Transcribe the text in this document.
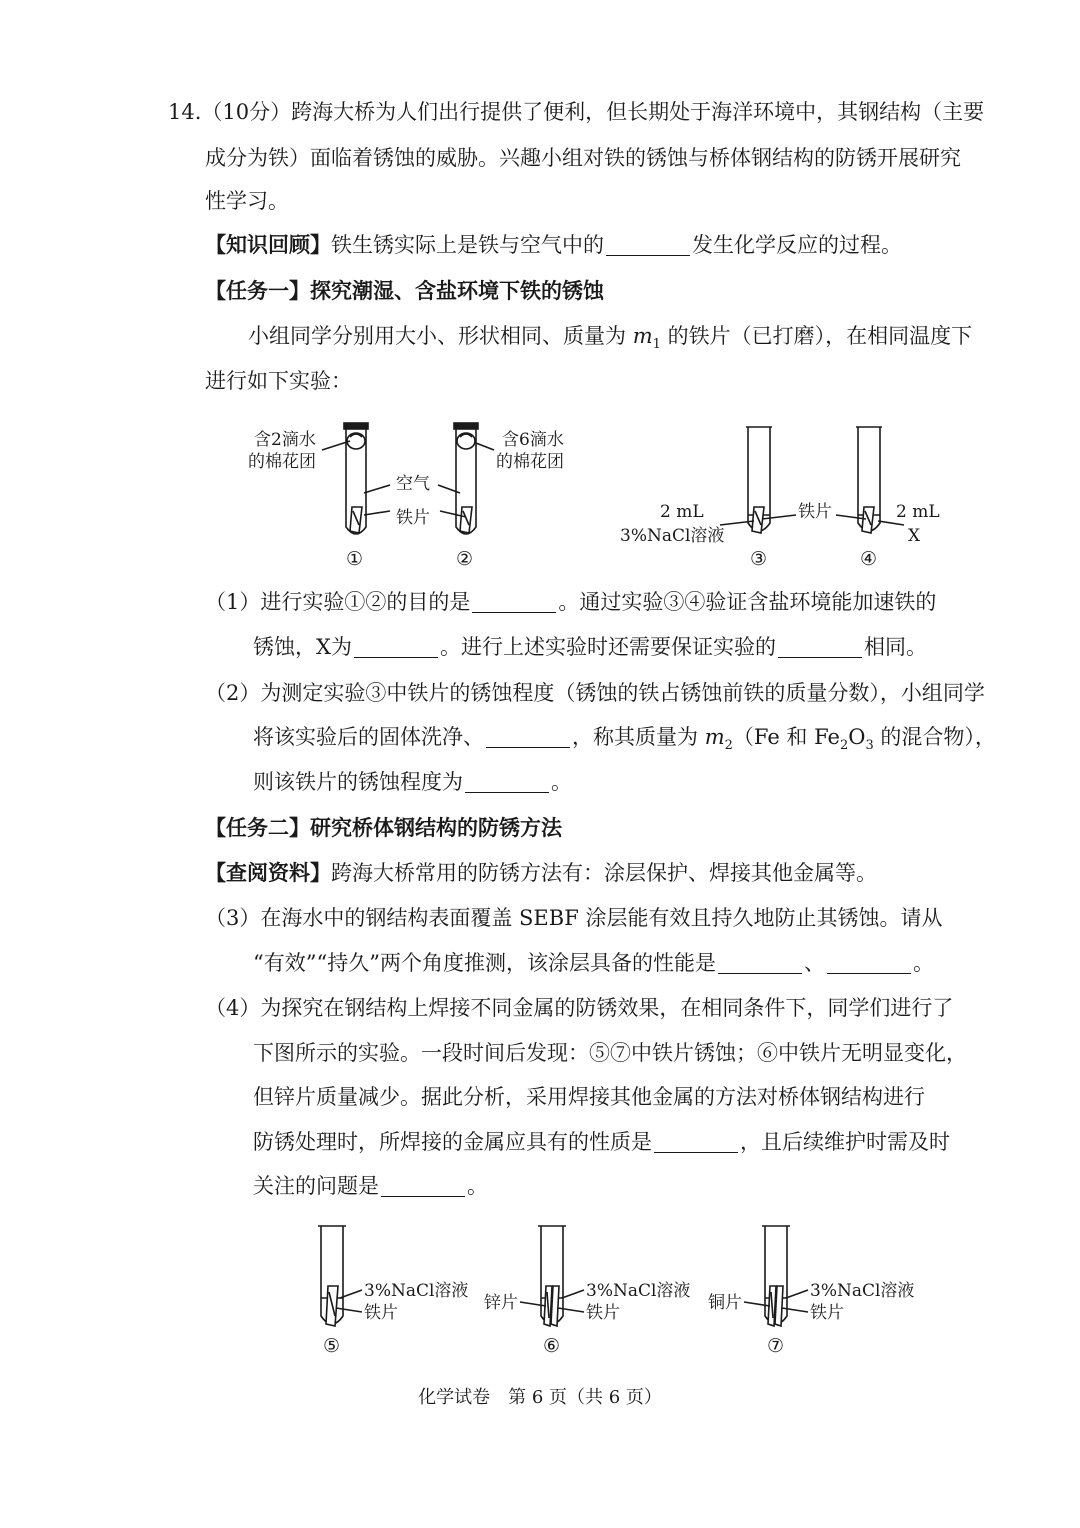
14.（10分）跨海大桥为人们出行提供了便利，但长期处于海洋环境中，其钢结构（主要
成分为铁）面临着锈蚀的威胁。兴趣小组对铁的锈蚀与桥体钢结构的防锈开展研究
性学习。
【知识回顾】铁生锈实际上是铁与空气中的	发生化学反应的过程。
【任务一】探究潮湿、含盐环境下铁的锈蚀
小组同学分别用大小、形状相同、质量为 $m_1$ 的铁片（已打磨），在相同温度下
进行如下实验：
含2滴水
的棉花团
含6滴水
的棉花团
空气
铁片	2 mL
3%NaCl溶液
铁片	2 mL
X
①	②	③	④
（1）进行实验①②的目的是	。通过实验③④验证含盐环境能加速铁的
锈蚀，X为	。进行上述实验时还需要保证实验的	相同。
（2）为测定实验③中铁片的锈蚀程度（锈蚀的铁占锈蚀前铁的质量分数），小组同学
将该实验后的固体洗净、	，称其质量为 $m_2(Fe$ 和 $Fe_2O_3$ 的混合物），
则该铁片的锈蚀程度为	。
【任务二】研究桥体钢结构的防锈方法
【查阅资料】跨海大桥常用的防锈方法有：涂层保护、焊接其他金属等。
（3）在海水中的钢结构表面覆盖 SEBF 涂层能有效且持久地防止其锈蚀。请从
“有效”“持久”两个角度推测，该涂层具备的性能是	、	。
（4）为探究在钢结构上焊接不同金属的防锈效果，在相同条件下，同学们进行了
下图所示的实验。一段时间后发现：⑤⑦中铁片锈蚀；⑥中铁片无明显变化，
但锌片质量减少。据此分析，采用焊接其他金属的方法对桥体钢结构进行
防锈处理时，所焊接的金属应具有的性质是	，且后续维护时需及时
关注的问题是	。
3%NaCl溶液
铁片	锌片
3%NaCl溶液
铁片	铜片
3%NaCl溶液
铁片
⑤	⑥	⑦
化学试卷　第 6 页（共 6 页）
